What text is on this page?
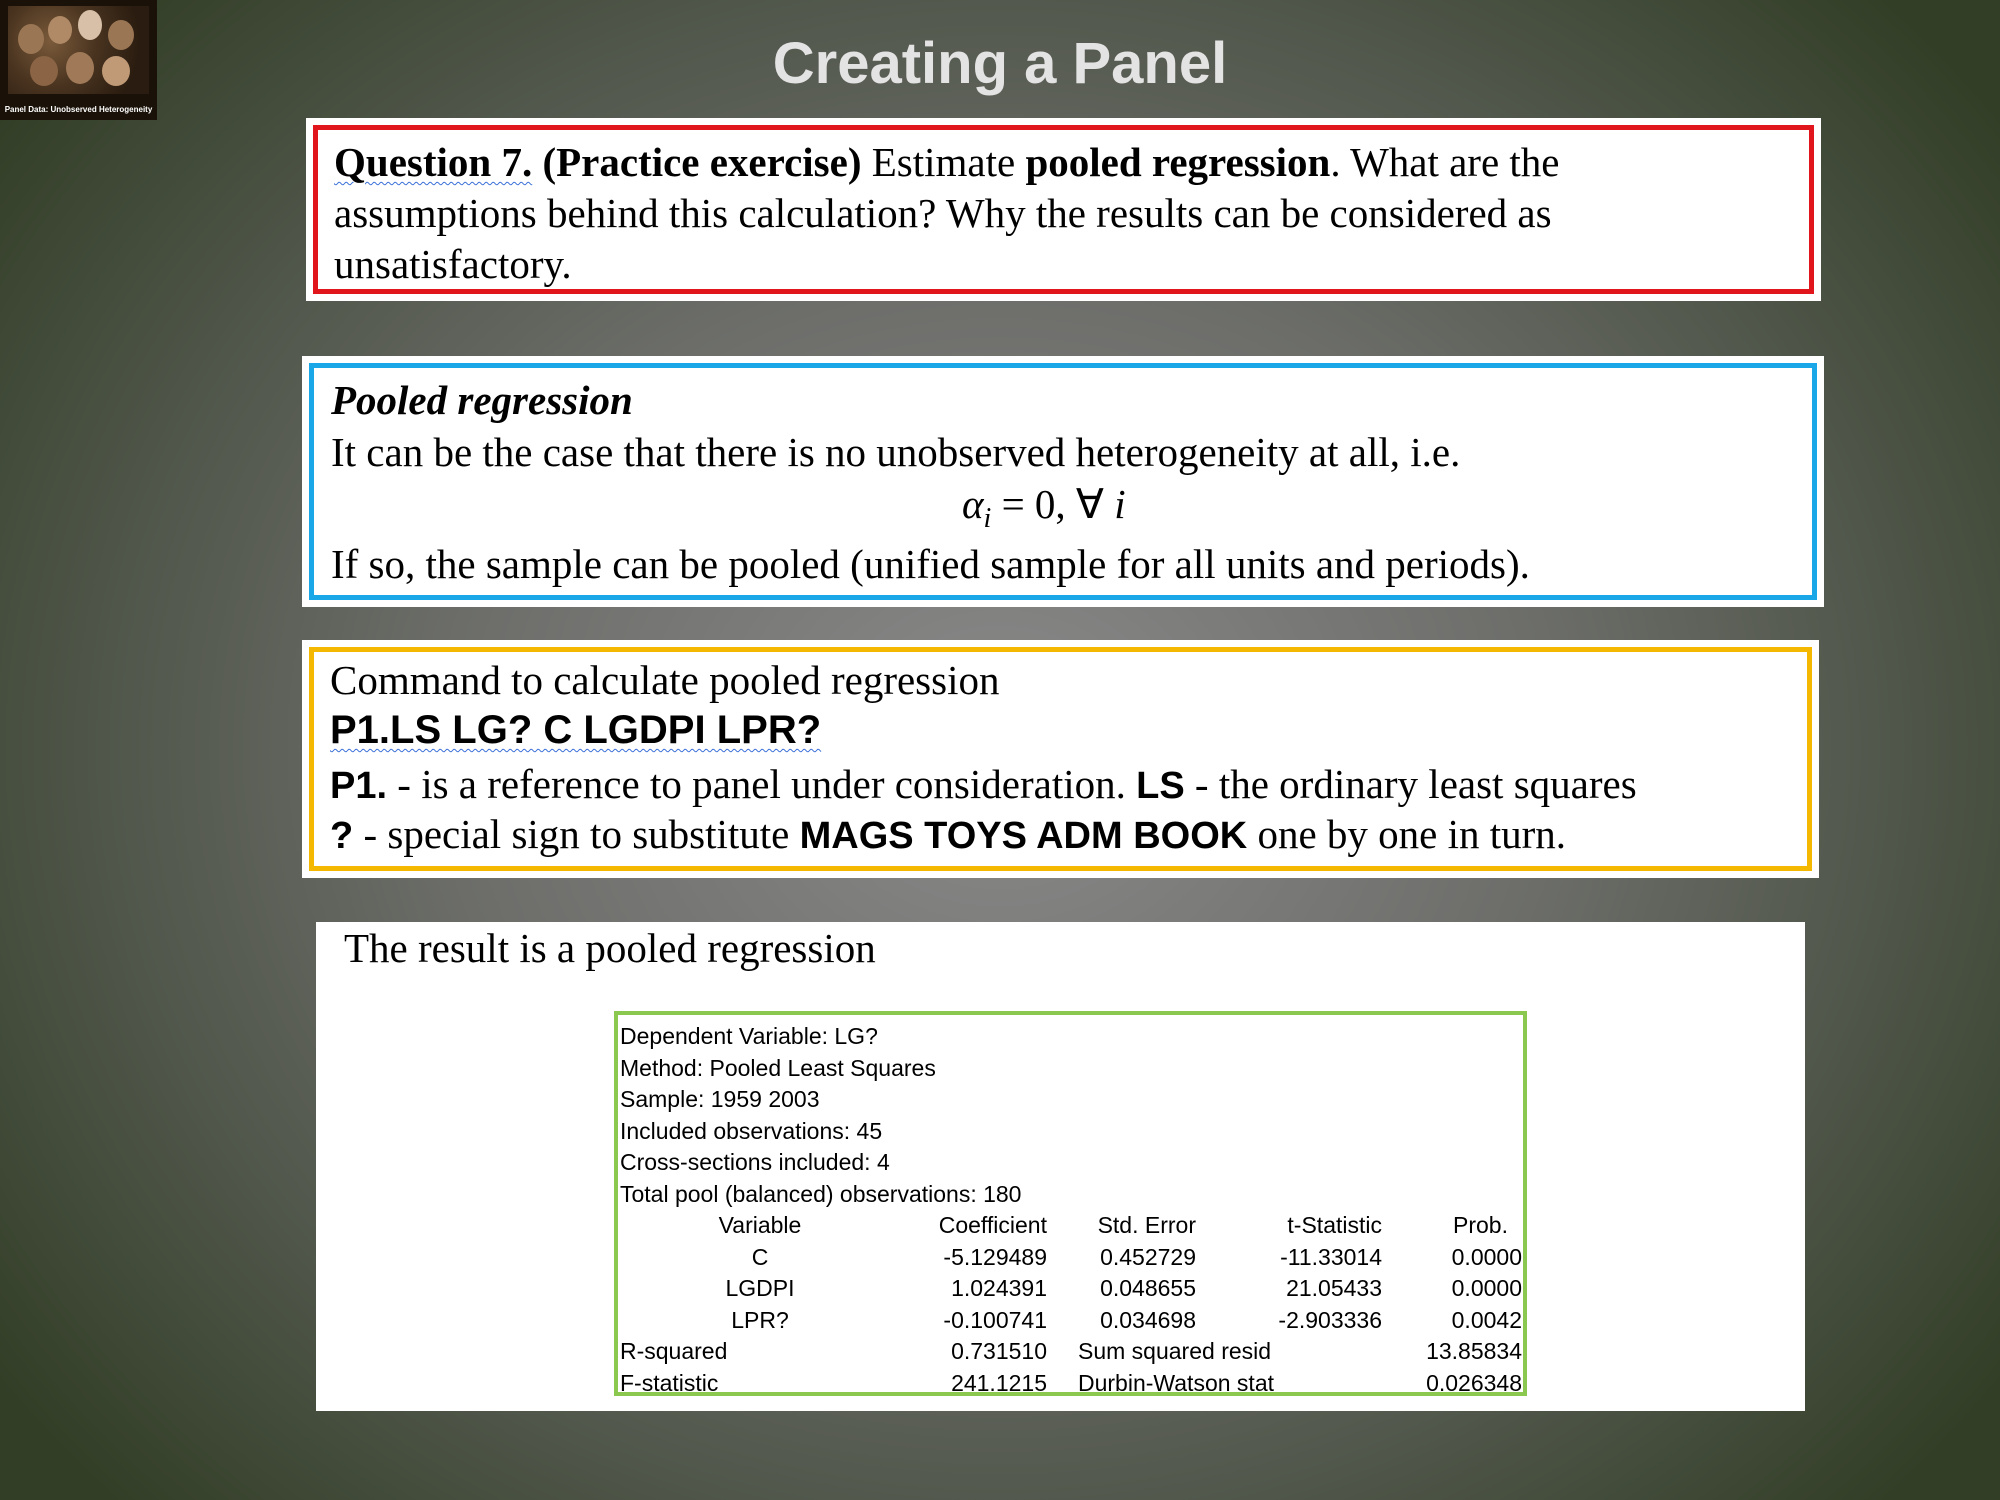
Panel Data: Unobserved Heterogeneity
Creating a Panel
Question 7. (Practice exercise) Estimate pooled regression. What are the
assumptions behind this calculation? Why the results can be considered as
unsatisfactory.
Pooled regression
It can be the case that there is no unobserved heterogeneity at all, i.e.
$\alpha_i = 0$, ∀ i
If so, the sample can be pooled (unified sample for all units and periods).
Command to calculate pooled regression
P1.LS LG? C LGDPI LPR?
P1. - is a reference to panel under consideration. LS - the ordinary least squares
? - special sign to substitute MAGS TOYS ADM BOOK one by one in turn.
The result is a pooled regression
Dependent Variable: LG?
Method: Pooled Least Squares
Sample: 1959 2003
Included observations: 45
Cross-sections included: 4
Total pool (balanced) observations: 180
Variable	Coefficient	Std. Error	t-Statistic	Prob.
C	-5.129489	0.452729	-11.33014	0.0000
LGDPI	1.024391	0.048655	21.05433	0.0000
LPR?	-0.100741	0.034698	-2.903336	0.0042
R-squared	0.731510	Sum squared resid		13.85834
F-statistic	241.1215	Durbin-Watson stat		0.026348
